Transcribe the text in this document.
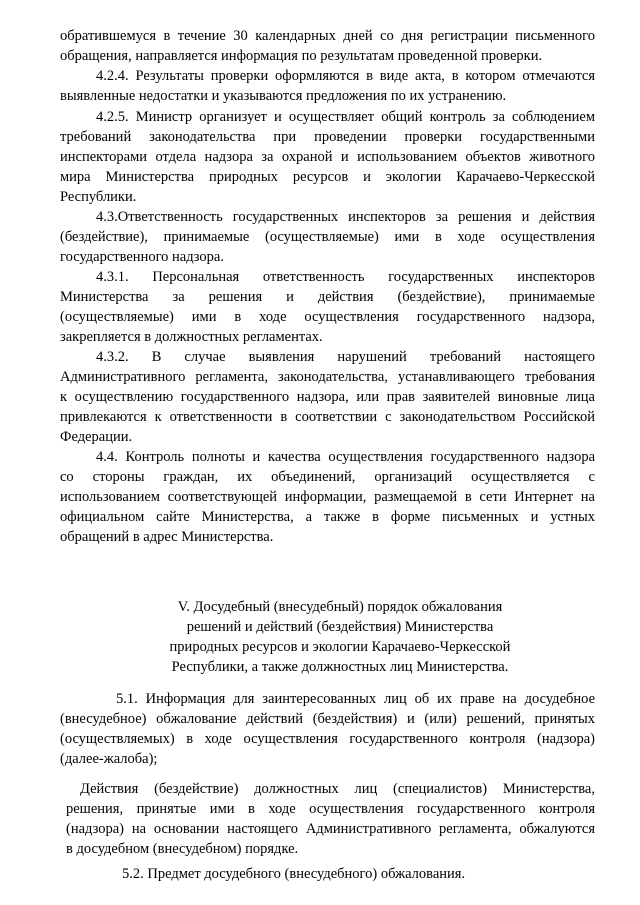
обратившемуся в течение 30 календарных дней со дня регистрации письменного
обращения, направляется информация по результатам проведенной проверки.
4.2.4. Результаты проверки оформляются в виде акта, в котором отмечаются
выявленные недостатки и указываются предложения по их устранению.
4.2.5. Министр организует и осуществляет общий контроль за соблюдением
требований законодательства при проведении проверки государственными
инспекторами отдела надзора за охраной и использованием объектов животного
мира Министерства природных ресурсов и экологии Карачаево-Черкесской
Республики.
4.3.Ответственность государственных инспекторов за решения и действия
(бездействие), принимаемые (осуществляемые) ими в ходе осуществления
государственного надзора.
4.3.1. Персональная ответственность государственных инспекторов
Министерства за решения и действия (бездействие), принимаемые
(осуществляемые) ими в ходе осуществления государственного надзора,
закрепляется в должностных регламентах.
4.3.2. В случае выявления нарушений требований настоящего
Административного регламента, законодательства, устанавливающего требования
к осуществлению государственного надзора, или прав заявителей виновные лица
привлекаются к ответственности в соответствии с законодательством Российской
Федерации.
4.4. Контроль полноты и качества осуществления государственного надзора
со стороны граждан, их объединений, организаций осуществляется с
использованием соответствующей информации, размещаемой в сети Интернет на
официальном сайте Министерства, а также в форме письменных и устных
обращений в адрес Министерства.
V. Досудебный (внесудебный) порядок обжалования
решений и действий (бездействия) Министерства
природных ресурсов и экологии Карачаево-Черкесской
Республики, а также должностных лиц Министерства.
5.1. Информация для заинтересованных лиц об их праве на досудебное
(внесудебное) обжалование действий (бездействия) и (или) решений, принятых
(осуществляемых) в ходе осуществления государственного контроля (надзора)
(далее-жалоба);
Действия (бездействие) должностных лиц (специалистов) Министерства,
решения, принятые ими в ходе осуществления государственного контроля
(надзора) на основании настоящего Административного регламента, обжалуются
в досудебном (внесудебном) порядке.
5.2. Предмет досудебного (внесудебного) обжалования.
